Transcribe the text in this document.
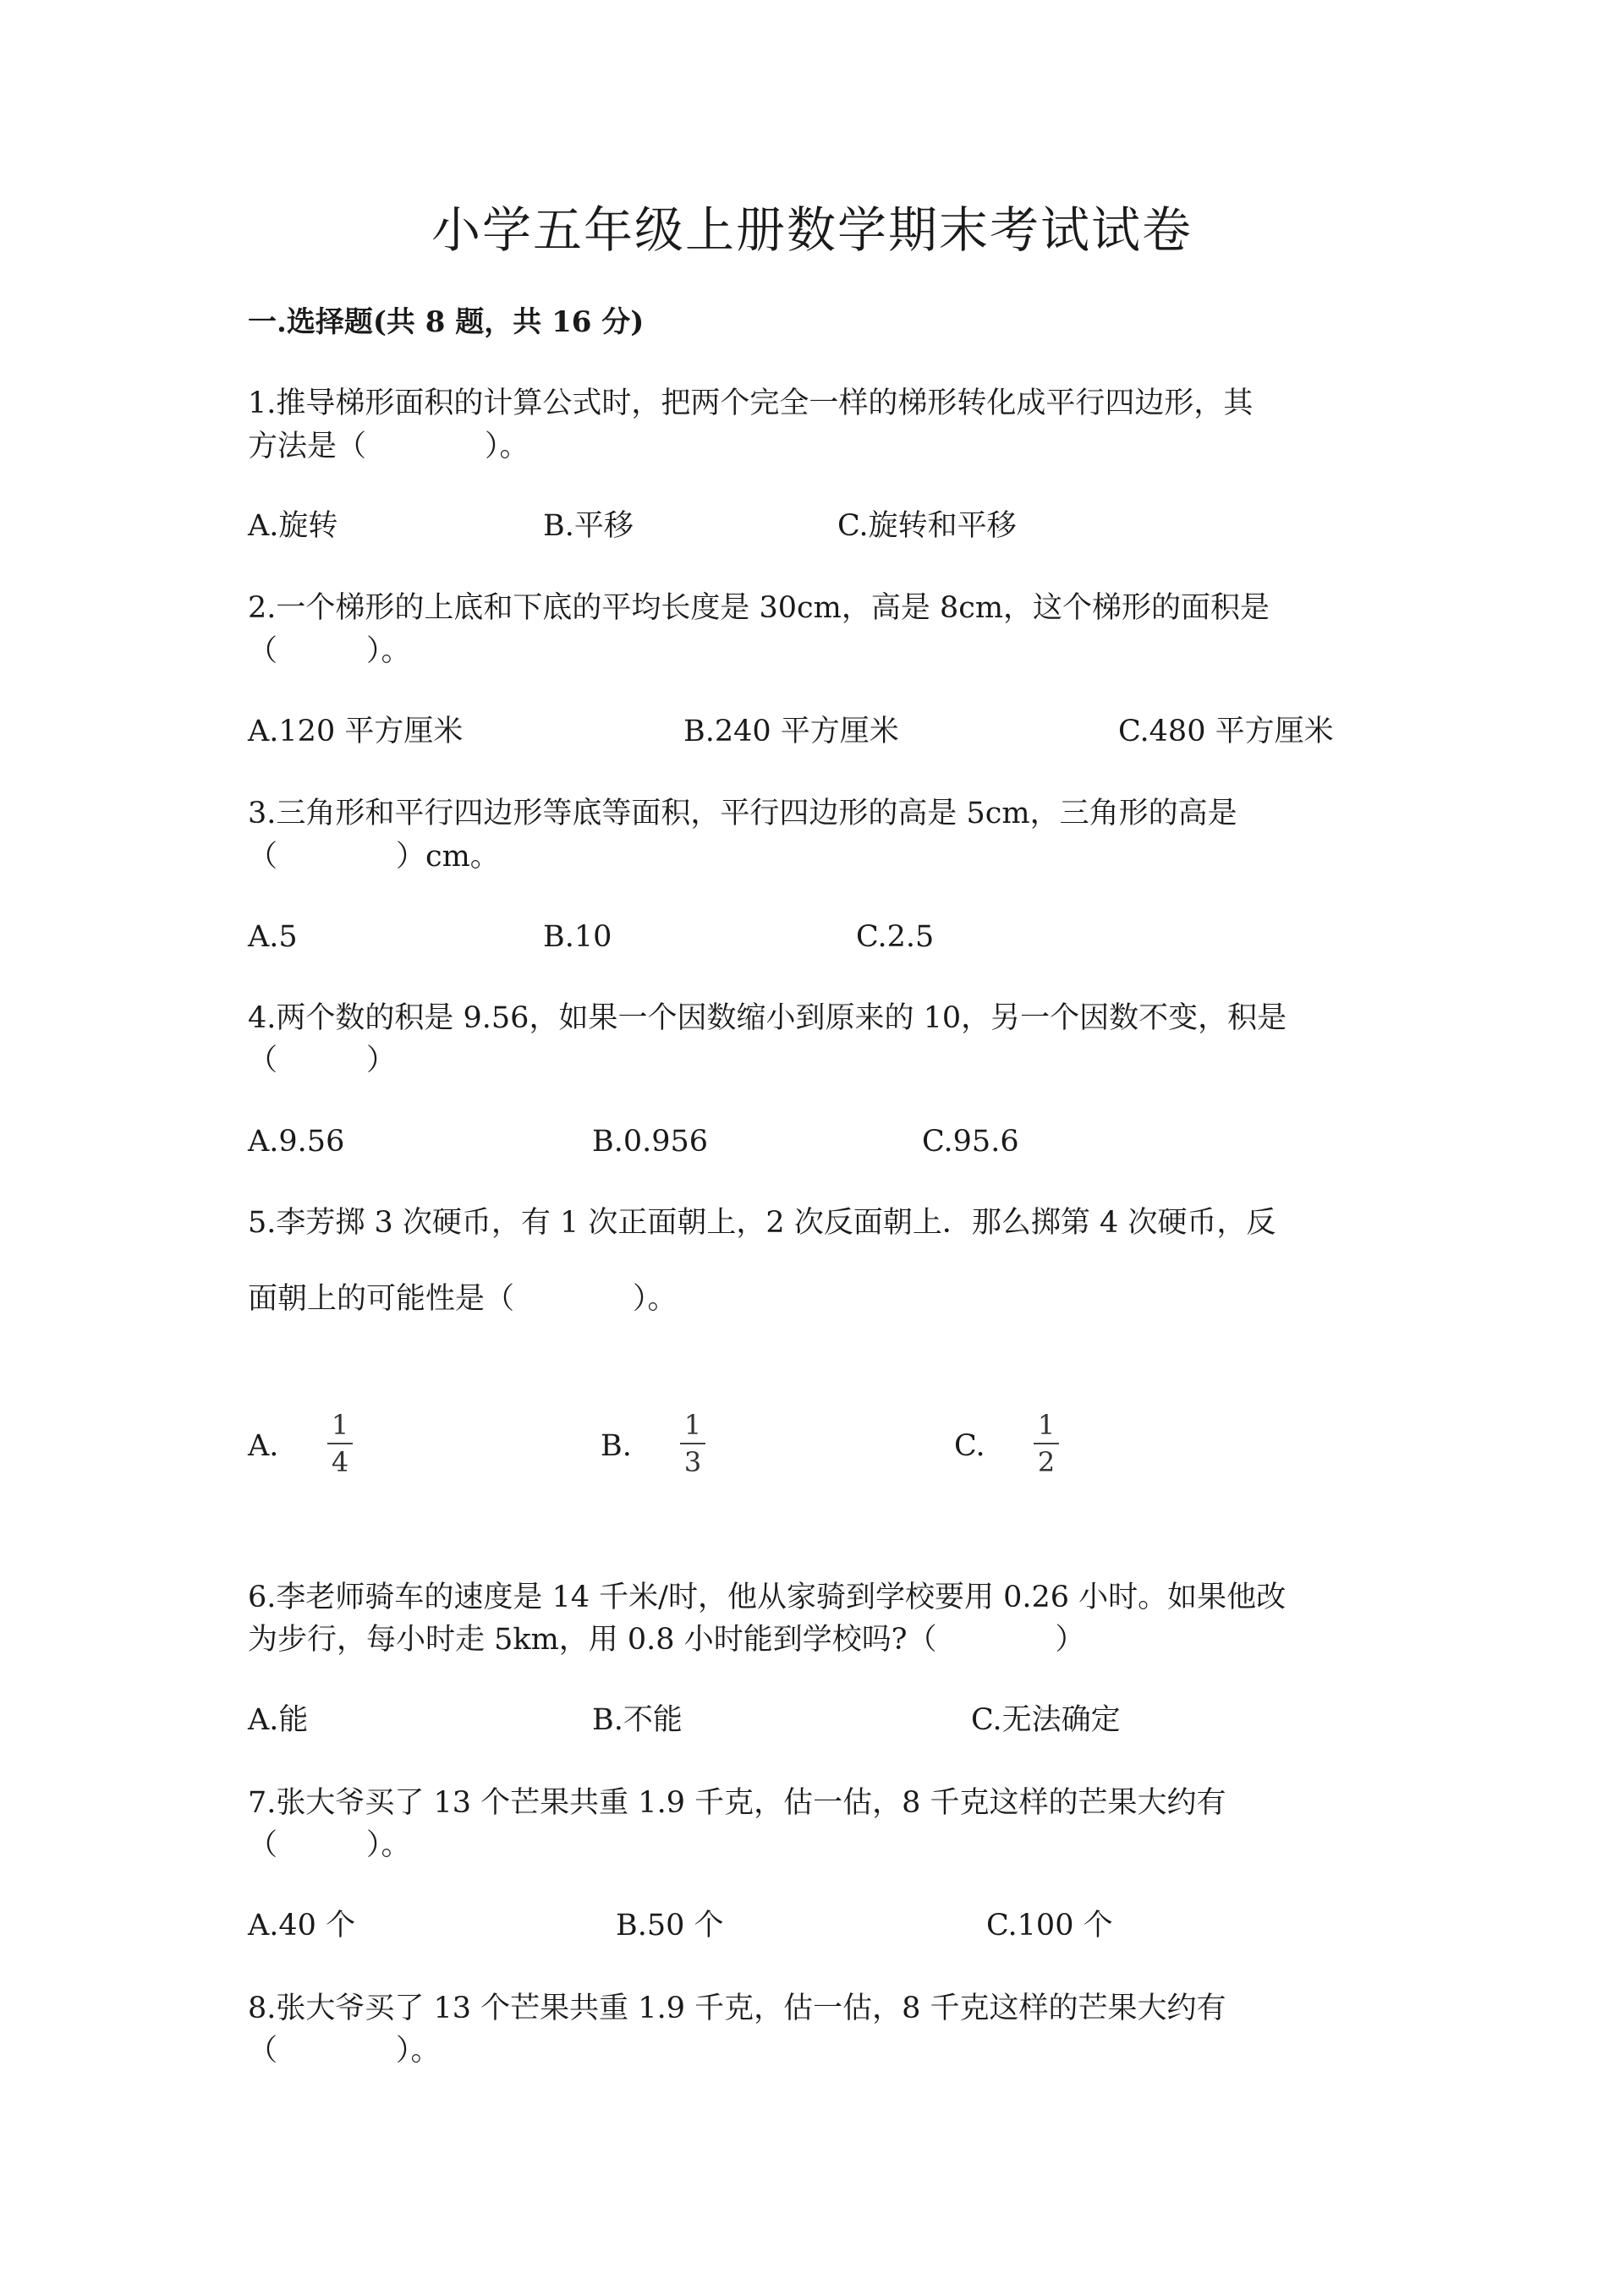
小学五年级上册数学期末考试试卷
一.选择题(共 8 题，共 16 分)
1.推导梯形面积的计算公式时，把两个完全一样的梯形转化成平行四边形，其
方法是（　　　　）。
A.旋转	B.平移	C.旋转和平移
2.一个梯形的上底和下底的平均长度是 30cm，高是 8cm，这个梯形的面积是
（　　　）。
A.120 平方厘米	B.240 平方厘米	C.480 平方厘米
3.三角形和平行四边形等底等面积，平行四边形的高是 5cm，三角形的高是
（　　　　）cm。
A.5	B.10	C.2.5
4.两个数的积是 9.56，如果一个因数缩小到原来的 10，另一个因数不变，积是
（　　　）
A.9.56	B.0.956	C.95.6
5.李芳掷 3 次硬币，有 1 次正面朝上，2 次反面朝上．那么掷第 4 次硬币，反
面朝上的可能性是（　　　　）。
A.
1
4	B.
1
3	C.
1
2
6.李老师骑车的速度是 14 千米/时，他从家骑到学校要用 0.26 小时。如果他改
为步行，每小时走 5km，用 0.8 小时能到学校吗?（　　　　）
A.能	B.不能	C.无法确定
7.张大爷买了 13 个芒果共重 1.9 千克，估一估，8 千克这样的芒果大约有
（　　　）。
A.40 个	B.50 个	C.100 个
8.张大爷买了 13 个芒果共重 1.9 千克，估一估，8 千克这样的芒果大约有
（　　　　）。
